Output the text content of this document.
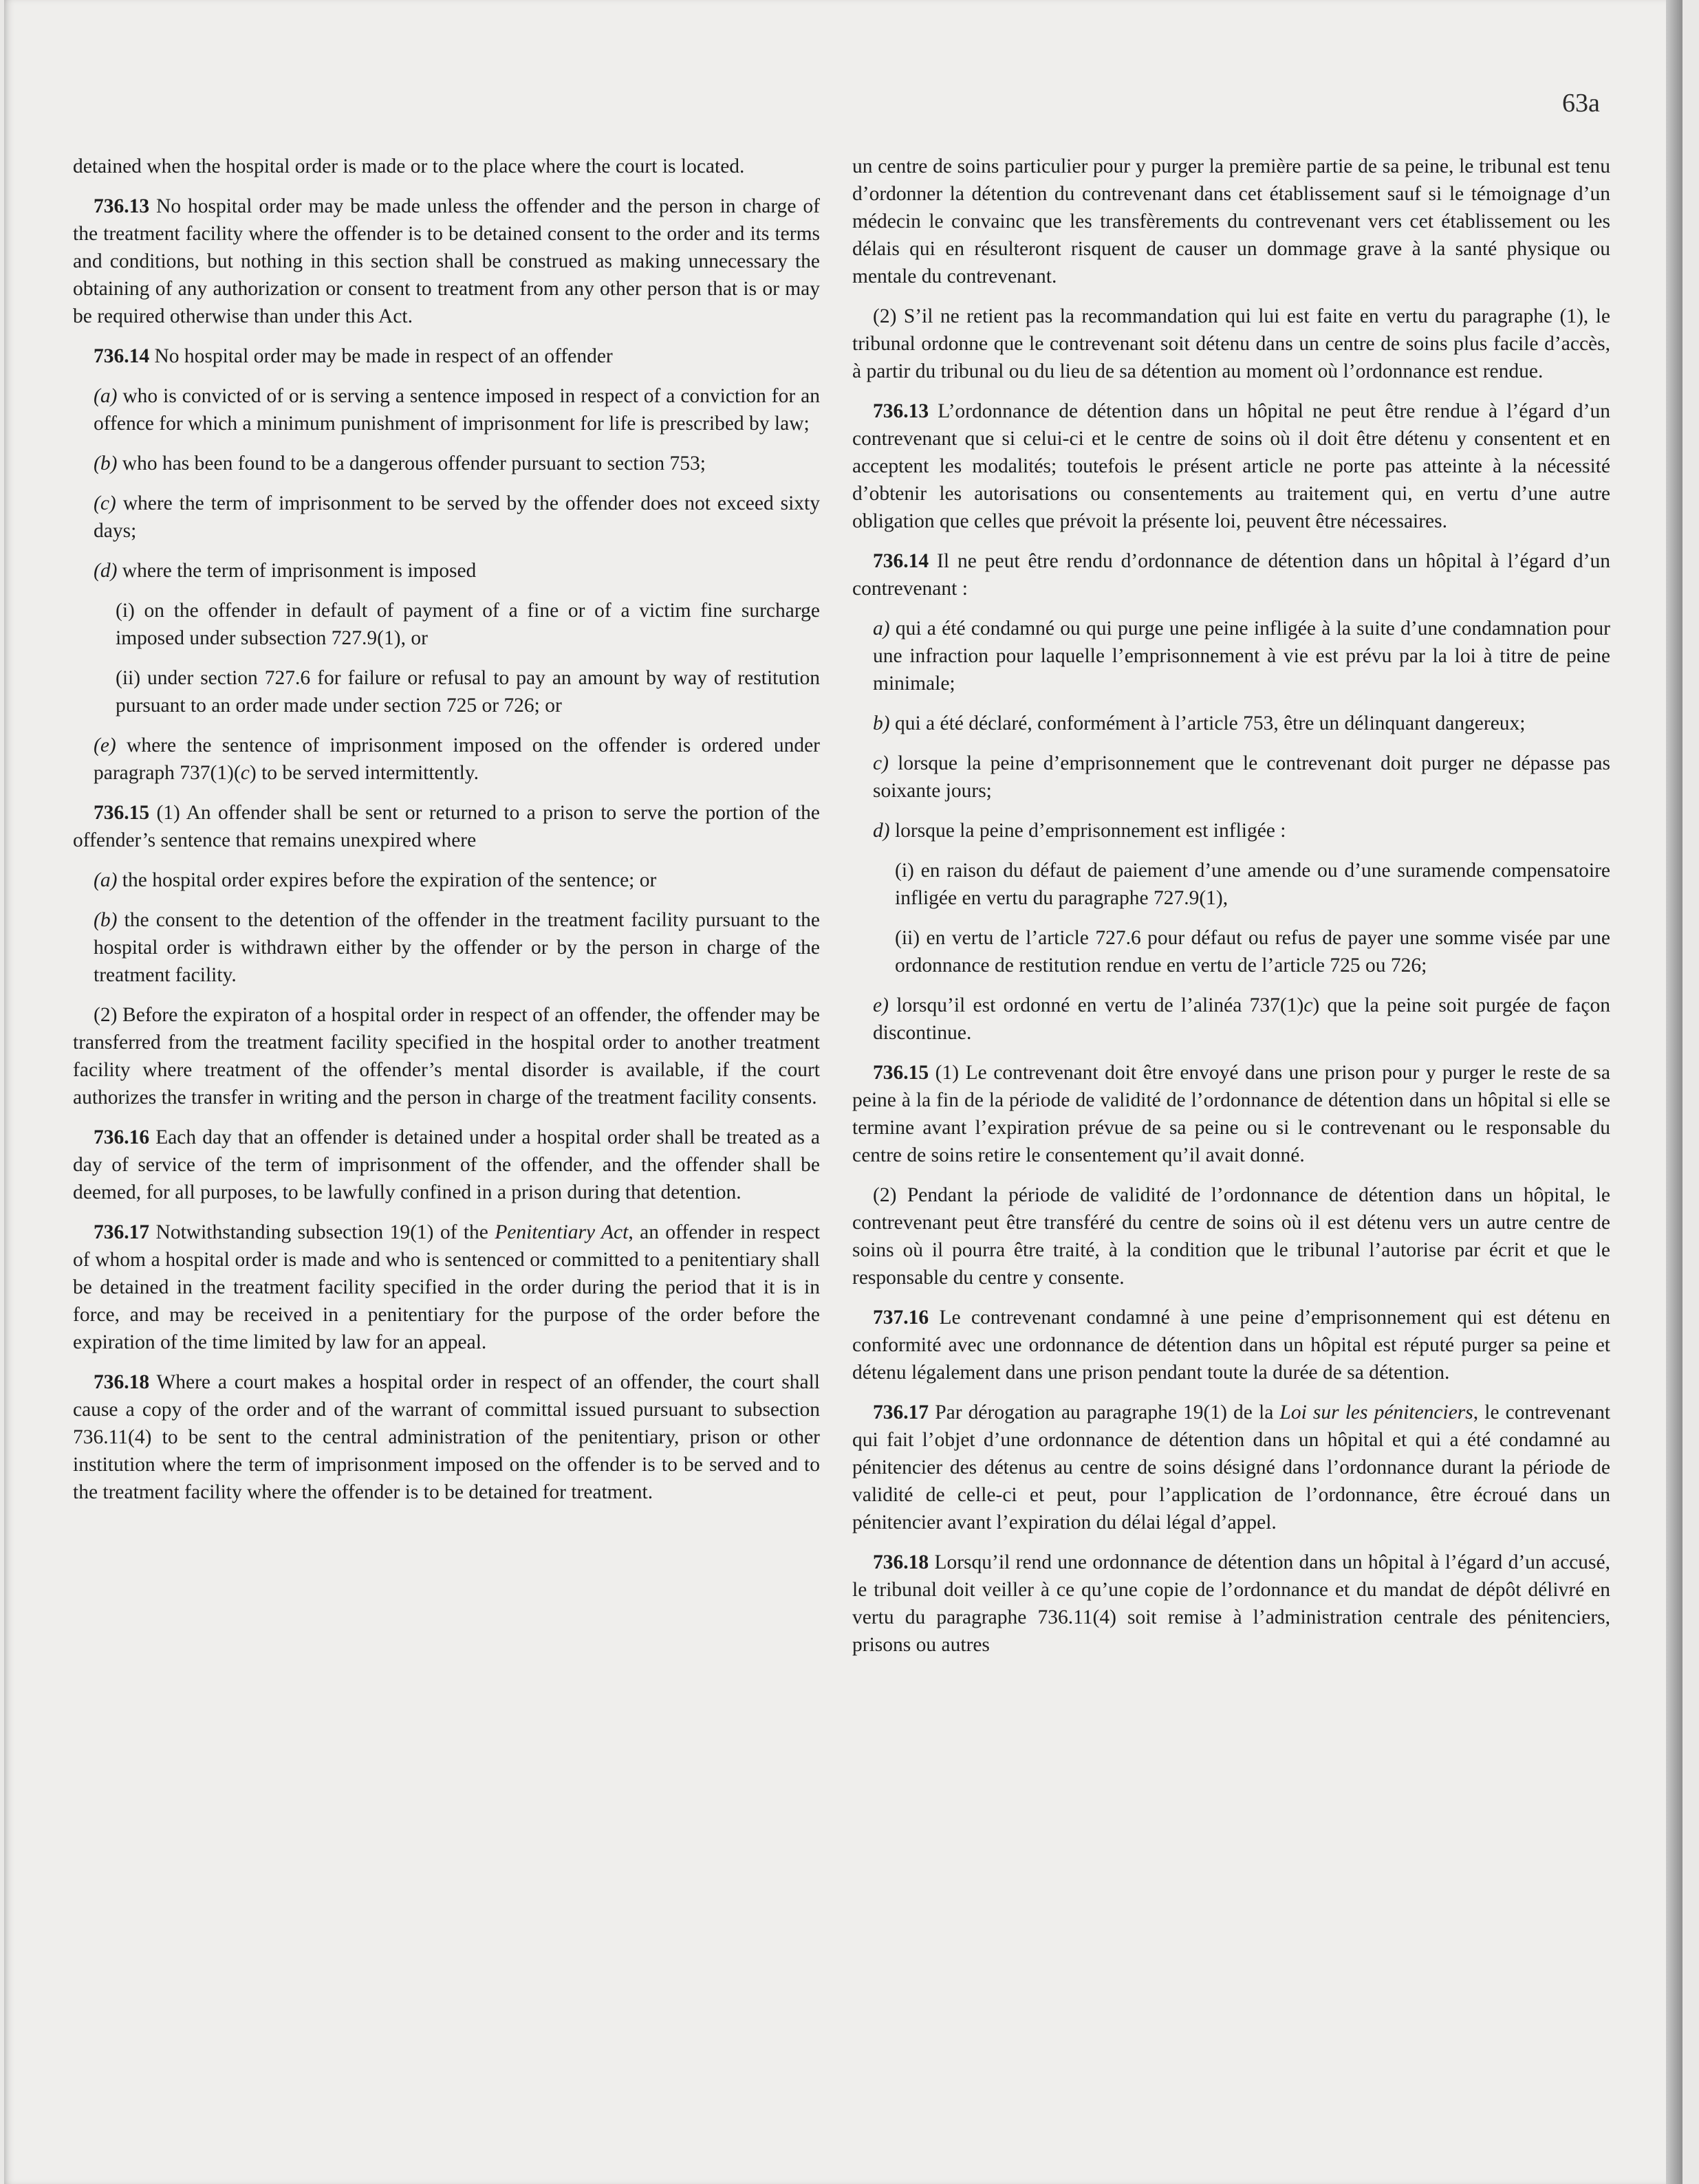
63a

detained when the hospital order is made or to the place where the court is located.

736.13 No hospital order may be made unless the offender and the person in charge of the treatment facility where the offender is to be detained consent to the order and its terms and conditions, but nothing in this section shall be construed as making unnecessary the obtaining of any authorization or consent to treatment from any other person that is or may be required otherwise than under this Act.

736.14 No hospital order may be made in respect of an offender

(a) who is convicted of or is serving a sentence imposed in respect of a conviction for an offence for which a minimum punishment of imprisonment for life is prescribed by law;

(b) who has been found to be a dangerous offender pursuant to section 753;

(c) where the term of imprisonment to be served by the offender does not exceed sixty days;

(d) where the term of imprisonment is imposed

(i) on the offender in default of payment of a fine or of a victim fine surcharge imposed under subsection 727.9(1), or

(ii) under section 727.6 for failure or refusal to pay an amount by way of restitution pursuant to an order made under section 725 or 726; or

(e) where the sentence of imprisonment imposed on the offender is ordered under paragraph 737(1)(c) to be served intermittently.

736.15 (1) An offender shall be sent or returned to a prison to serve the portion of the offender’s sentence that remains unexpired where

(a) the hospital order expires before the expiration of the sentence; or

(b) the consent to the detention of the offender in the treatment facility pursuant to the hospital order is withdrawn either by the offender or by the person in charge of the treatment facility.

(2) Before the expiraton of a hospital order in respect of an offender, the offender may be transferred from the treatment facility specified in the hospital order to another treatment facility where treatment of the offender’s mental disorder is available, if the court authorizes the transfer in writing and the person in charge of the treatment facility consents.

736.16 Each day that an offender is detained under a hospital order shall be treated as a day of service of the term of imprisonment of the offender, and the offender shall be deemed, for all purposes, to be lawfully confined in a prison during that detention.

736.17 Notwithstanding subsection 19(1) of the Penitentiary Act, an offender in respect of whom a hospital order is made and who is sentenced or committed to a penitentiary shall be detained in the treatment facility specified in the order during the period that it is in force, and may be received in a penitentiary for the purpose of the order before the expiration of the time limited by law for an appeal.

736.18 Where a court makes a hospital order in respect of an offender, the court shall cause a copy of the order and of the warrant of committal issued pursuant to subsection 736.11(4) to be sent to the central administration of the penitentiary, prison or other institution where the term of imprisonment imposed on the offender is to be served and to the treatment facility where the offender is to be detained for treatment.

un centre de soins particulier pour y purger la première partie de sa peine, le tribunal est tenu d’ordonner la détention du contrevenant dans cet établissement sauf si le témoignage d’un médecin le convainc que les transfèrements du contrevenant vers cet établissement ou les délais qui en résulteront risquent de causer un dommage grave à la santé physique ou mentale du contrevenant.

(2) S’il ne retient pas la recommandation qui lui est faite en vertu du paragraphe (1), le tribunal ordonne que le contrevenant soit détenu dans un centre de soins plus facile d’accès, à partir du tribunal ou du lieu de sa détention au moment où l’ordonnance est rendue.

736.13 L’ordonnance de détention dans un hôpital ne peut être rendue à l’égard d’un contrevenant que si celui-ci et le centre de soins où il doit être détenu y consentent et en acceptent les modalités; toutefois le présent article ne porte pas atteinte à la nécessité d’obtenir les autorisations ou consentements au traitement qui, en vertu d’une autre obligation que celles que prévoit la présente loi, peuvent être nécessaires.

736.14 Il ne peut être rendu d’ordonnance de détention dans un hôpital à l’égard d’un contrevenant :

a) qui a été condamné ou qui purge une peine infligée à la suite d’une condamnation pour une infraction pour laquelle l’emprisonnement à vie est prévu par la loi à titre de peine minimale;

b) qui a été déclaré, conformément à l’article 753, être un délinquant dangereux;

c) lorsque la peine d’emprisonnement que le contrevenant doit purger ne dépasse pas soixante jours;

d) lorsque la peine d’emprisonnement est infligée :

(i) en raison du défaut de paiement d’une amende ou d’une suramende compensatoire infligée en vertu du paragraphe 727.9(1),

(ii) en vertu de l’article 727.6 pour défaut ou refus de payer une somme visée par une ordonnance de restitution rendue en vertu de l’article 725 ou 726;

e) lorsqu’il est ordonné en vertu de l’alinéa 737(1)c) que la peine soit purgée de façon discontinue.

736.15 (1) Le contrevenant doit être envoyé dans une prison pour y purger le reste de sa peine à la fin de la période de validité de l’ordonnance de détention dans un hôpital si elle se termine avant l’expiration prévue de sa peine ou si le contrevenant ou le responsable du centre de soins retire le consentement qu’il avait donné.

(2) Pendant la période de validité de l’ordonnance de détention dans un hôpital, le contrevenant peut être transféré du centre de soins où il est détenu vers un autre centre de soins où il pourra être traité, à la condition que le tribunal l’autorise par écrit et que le responsable du centre y consente.

737.16 Le contrevenant condamné à une peine d’emprisonnement qui est détenu en conformité avec une ordonnance de détention dans un hôpital est réputé purger sa peine et détenu légalement dans une prison pendant toute la durée de sa détention.

736.17 Par dérogation au paragraphe 19(1) de la Loi sur les pénitenciers, le contrevenant qui fait l’objet d’une ordonnance de détention dans un hôpital et qui a été condamné au pénitencier des détenus au centre de soins désigné dans l’ordonnance durant la période de validité de celle-ci et peut, pour l’application de l’ordonnance, être écroué dans un pénitencier avant l’expiration du délai légal d’appel.

736.18 Lorsqu’il rend une ordonnance de détention dans un hôpital à l’égard d’un accusé, le tribunal doit veiller à ce qu’une copie de l’ordonnance et du mandat de dépôt délivré en vertu du paragraphe 736.11(4) soit remise à l’administration centrale des pénitenciers, prisons ou autres
